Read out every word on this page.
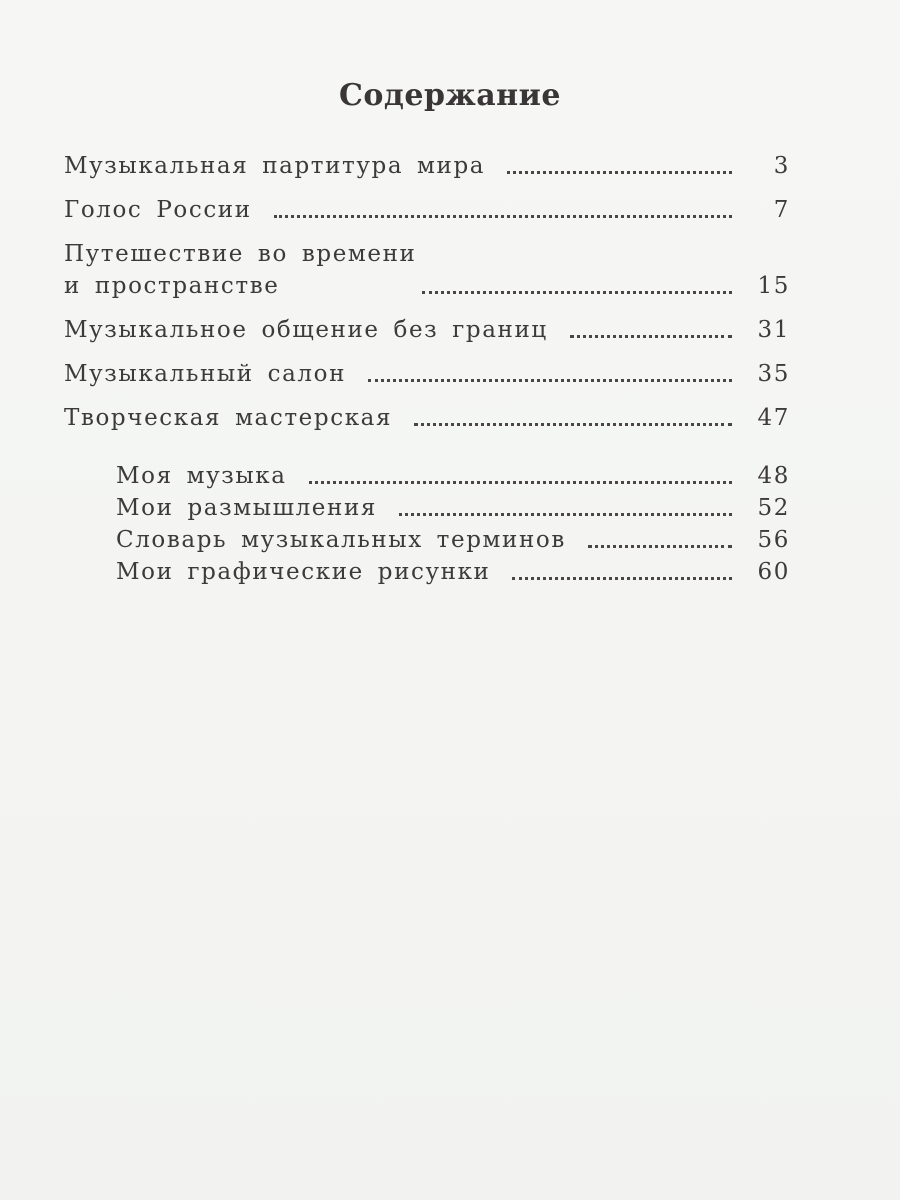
Содержание
Музыкальная партитура мира	3
Голос России	7
Путешествие во времени
и пространстве	15
Музыкальное общение без границ	31
Музыкальный салон	35
Творческая мастерская	47
Моя музыка	48
Мои размышления	52
Словарь музыкальных терминов	56
Мои графические рисунки	60
